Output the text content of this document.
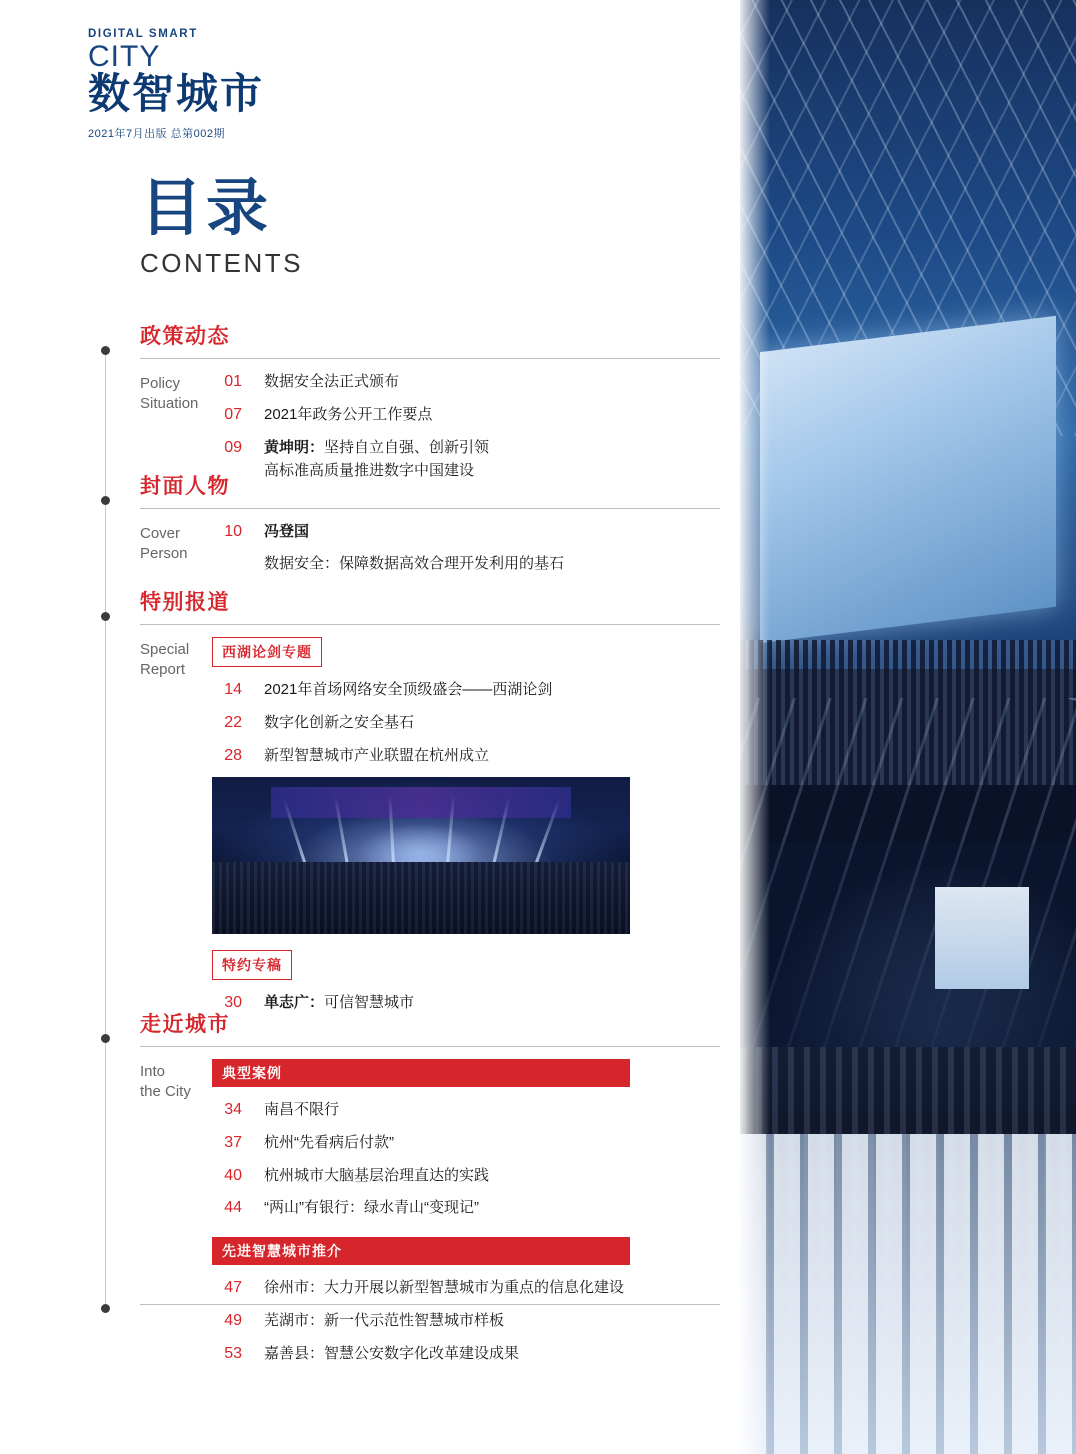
DIGITAL SMART
CITY
数智城市
2021年7月出版 总第002期
目录
CONTENTS
政策动态
Policy
Situation
01	数据安全法正式颁布
07	2021年政务公开工作要点
09	黄坤明：坚持自立自强、创新引领
高标准高质量推进数字中国建设
封面人物
Cover
Person
10	冯登国
数据安全：保障数据高效合理开发利用的基石
特别报道
Special
Report
西湖论剑专题
14	2021年首场网络安全顶级盛会——西湖论剑
22	数字化创新之安全基石
28	新型智慧城市产业联盟在杭州成立
特约专稿
30	单志广：可信智慧城市
走近城市
Into
the City
典型案例
34	南昌不限行
37	杭州“先看病后付款”
40	杭州城市大脑基层治理直达的实践
44	“两山”有银行：绿水青山“变现记”
先进智慧城市推介
47	徐州市：大力开展以新型智慧城市为重点的信息化建设
49	芜湖市：新一代示范性智慧城市样板
53	嘉善县：智慧公安数字化改革建设成果
